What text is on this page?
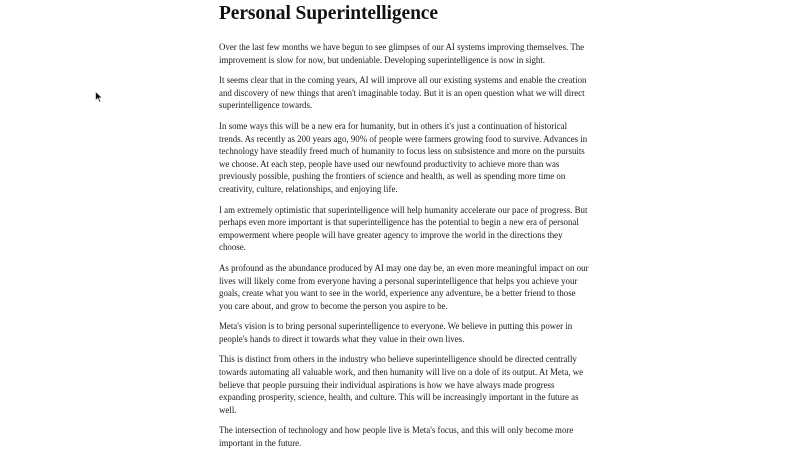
Personal Superintelligence

Over the last few months we have begun to see glimpses of our AI systems improving themselves. The improvement is slow for now, but undeniable. Developing superintelligence is now in sight.

It seems clear that in the coming years, AI will improve all our existing systems and enable the creation and discovery of new things that aren't imaginable today. But it is an open question what we will direct superintelligence towards.

In some ways this will be a new era for humanity, but in others it's just a continuation of historical trends. As recently as 200 years ago, 90% of people were farmers growing food to survive. Advances in technology have steadily freed much of humanity to focus less on subsistence and more on the pursuits we choose. At each step, people have used our newfound productivity to achieve more than was previously possible, pushing the frontiers of science and health, as well as spending more time on creativity, culture, relationships, and enjoying life.

I am extremely optimistic that superintelligence will help humanity accelerate our pace of progress. But perhaps even more important is that superintelligence has the potential to begin a new era of personal empowerment where people will have greater agency to improve the world in the directions they choose.

As profound as the abundance produced by AI may one day be, an even more meaningful impact on our lives will likely come from everyone having a personal superintelligence that helps you achieve your goals, create what you want to see in the world, experience any adventure, be a better friend to those you care about, and grow to become the person you aspire to be.

Meta's vision is to bring personal superintelligence to everyone. We believe in putting this power in people's hands to direct it towards what they value in their own lives.

This is distinct from others in the industry who believe superintelligence should be directed centrally towards automating all valuable work, and then humanity will live on a dole of its output. At Meta, we believe that people pursuing their individual aspirations is how we have always made progress expanding prosperity, science, health, and culture. This will be increasingly important in the future as well.

The intersection of technology and how people live is Meta's focus, and this will only become more important in the future.
